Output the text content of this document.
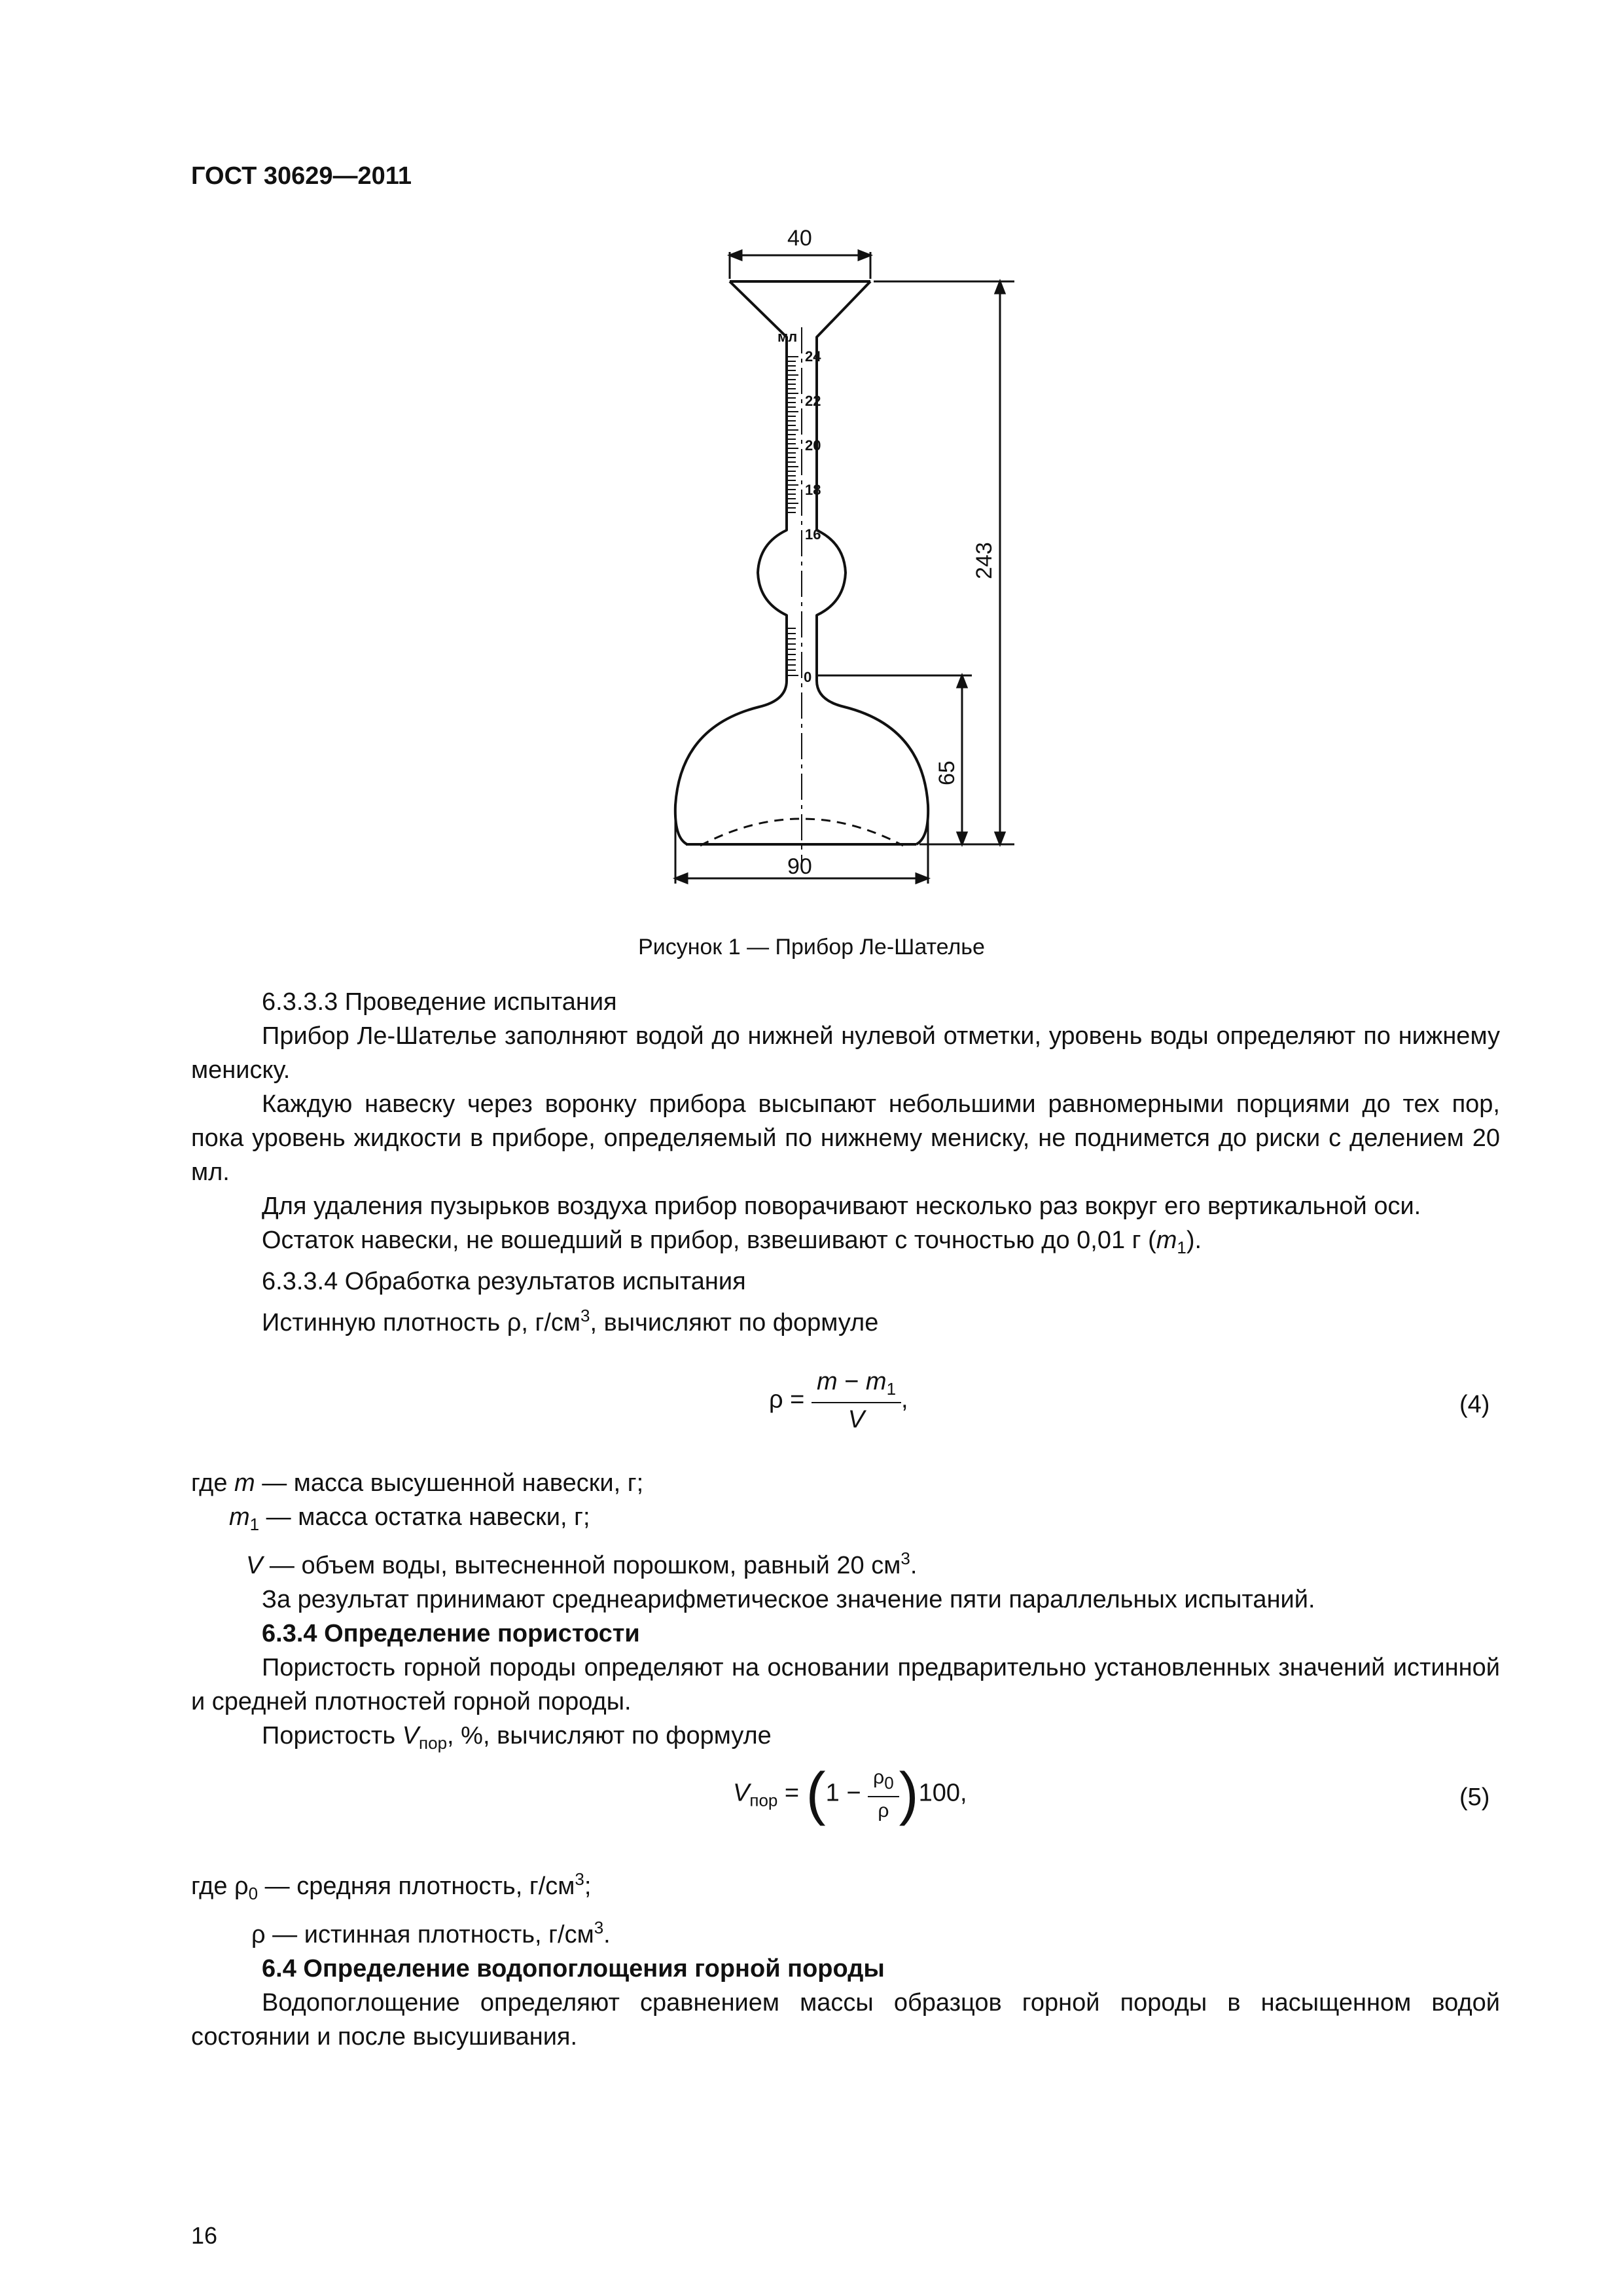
ГОСТ 30629—2011
мл
24
22
20
18
16
0
40
243
65
90
Рисунок 1 — Прибор Ле-Шателье

6.3.3.3 Проведение испытания

Прибор Ле-Шателье заполняют водой до нижней нулевой отметки, уровень воды определяют по нижнему мениску.

Каждую навеску через воронку прибора высыпают небольшими равномерными порциями до тех пор, пока уровень жидкости в приборе, определяемый по нижнему мениску, не поднимется до риски с делением 20 мл.

Для удаления пузырьков воздуха прибор поворачивают несколько раз вокруг его вертикальной оси.

Остаток навески, не вошедший в прибор, взвешивают с точностью до 0,01 г $(m_1)$.

6.3.3.4 Обработка результатов испытания

Истинную плотность ρ, $г/см^3$, вычисляют по формуле

$\rho = \frac{m - m_1}{V}$ ,	(4)

где m — масса высушенной навески, г;

$m_1$ — масса остатка навески, г;

V — объем воды, вытесненной порошком, равный 20 $см^3$.

За результат принимают среднеарифметическое значение пяти параллельных испытаний.

6.3.4 Определение пористости

Пористость горной породы определяют на основании предварительно установленных значений истинной и средней плотностей горной породы.

Пористость $V_{пор}$, %, вычисляют по формуле

$V_{пор} = (1 - \frac{\rho_0}{\rho} )100$,	(5)

где $\rho_0$ — средняя плотность, $г/см^3$;

ρ — истинная плотность, $г/см^3$.

6.4 Определение водопоглощения горной породы

Водопоглощение определяют сравнением массы образцов горной породы в насыщенном водой состоянии и после высушивания.

16
